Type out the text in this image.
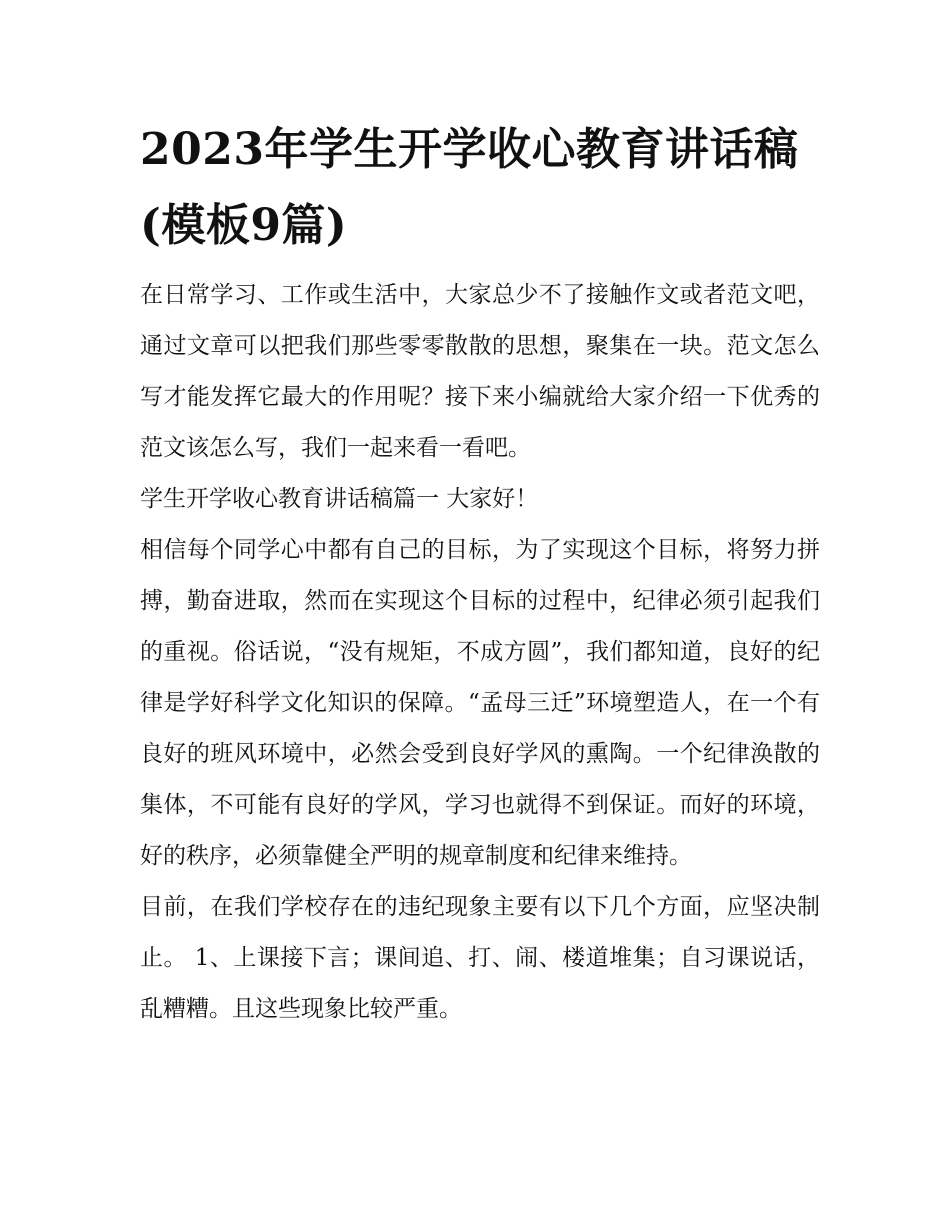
2023年学生开学收心教育讲话稿(模板9篇)

在日常学习、工作或生活中，大家总少不了接触作文或者范文吧，通过文章可以把我们那些零零散散的思想，聚集在一块。范文怎么写才能发挥它最大的作用呢？接下来小编就给大家介绍一下优秀的范文该怎么写，我们一起来看一看吧。

学生开学收心教育讲话稿篇一 大家好！

相信每个同学心中都有自己的目标，为了实现这个目标，将努力拼搏，勤奋进取，然而在实现这个目标的过程中，纪律必须引起我们的重视。俗话说，“没有规矩，不成方圆”，我们都知道，良好的纪律是学好科学文化知识的保障。“孟母三迁”环境塑造人，在一个有良好的班风环境中，必然会受到良好学风的熏陶。一个纪律涣散的集体，不可能有良好的学风，学习也就得不到保证。而好的环境，好的秩序，必须靠健全严明的规章制度和纪律来维持。

目前，在我们学校存在的违纪现象主要有以下几个方面，应坚决制止。 1、上课接下言；课间追、打、闹、楼道堆集；自习课说话，乱糟糟。且这些现象比较严重。
